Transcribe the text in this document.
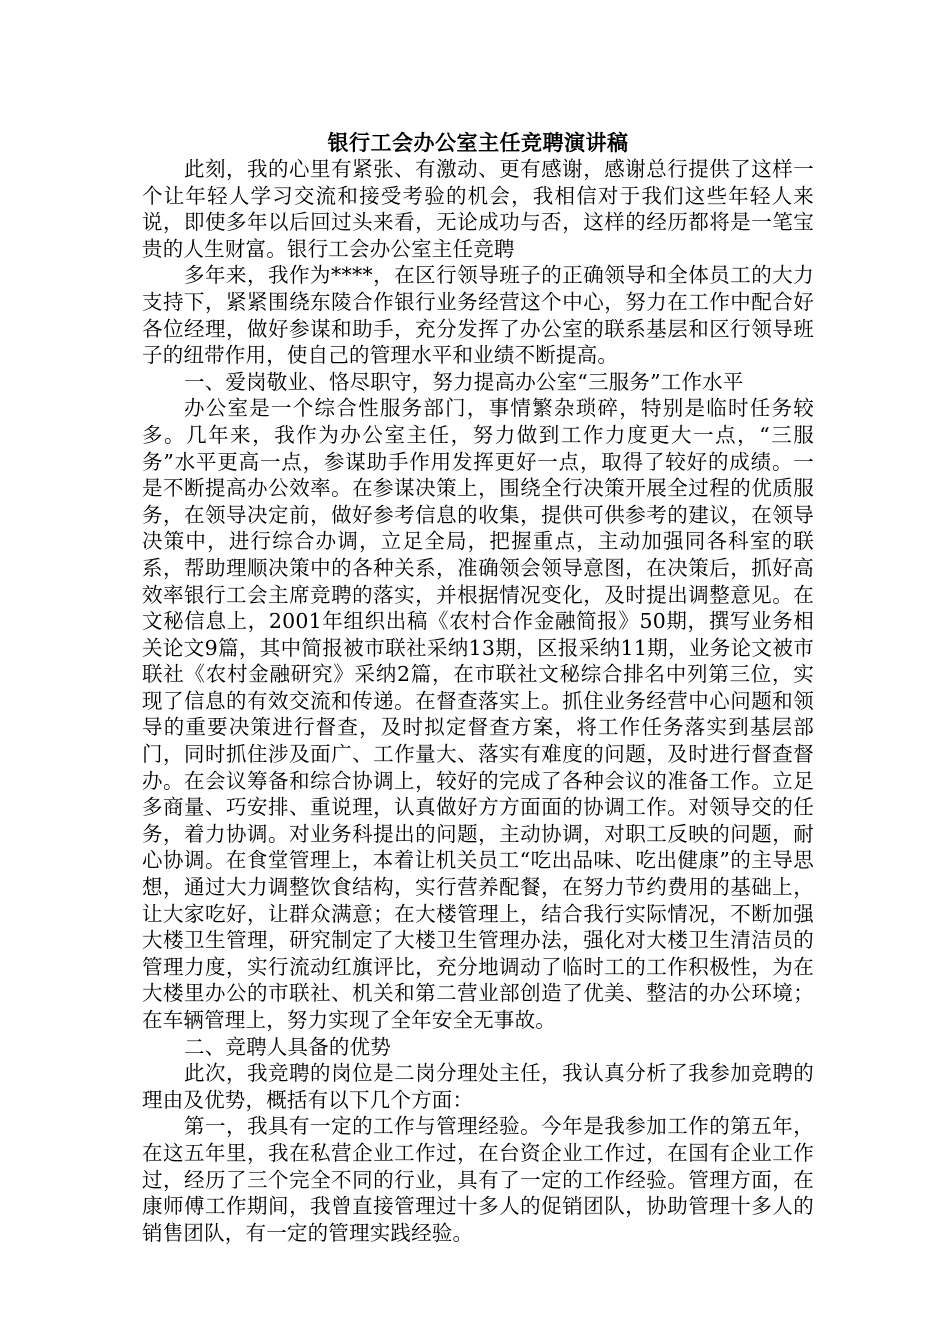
银行工会办公室主任竞聘演讲稿

此刻，我的心里有紧张、有激动、更有感谢，感谢总行提供了这样一个让年轻人学习交流和接受考验的机会，我相信对于我们这些年轻人来说，即使多年以后回过头来看，无论成功与否，这样的经历都将是一笔宝贵的人生财富。银行工会办公室主任竞聘

多年来，我作为****，在区行领导班子的正确领导和全体员工的大力支持下，紧紧围绕东陵合作银行业务经营这个中心，努力在工作中配合好各位经理，做好参谋和助手，充分发挥了办公室的联系基层和区行领导班子的纽带作用，使自己的管理水平和业绩不断提高。

一、爱岗敬业、恪尽职守，努力提高办公室“三服务”工作水平

办公室是一个综合性服务部门，事情繁杂琐碎，特别是临时任务较多。几年来，我作为办公室主任，努力做到工作力度更大一点，“三服务”水平更高一点，参谋助手作用发挥更好一点，取得了较好的成绩。一是不断提高办公效率。在参谋决策上，围绕全行决策开展全过程的优质服务，在领导决定前，做好参考信息的收集，提供可供参考的建议，在领导决策中，进行综合办调，立足全局，把握重点，主动加强同各科室的联系，帮助理顺决策中的各种关系，准确领会领导意图，在决策后，抓好高效率银行工会主席竞聘的落实，并根据情况变化，及时提出调整意见。在文秘信息上，2001年组织出稿《农村合作金融简报》50期，撰写业务相关论文9篇，其中简报被市联社采纳13期，区报采纳11期，业务论文被市联社《农村金融研究》采纳2篇，在市联社文秘综合排名中列第三位，实现了信息的有效交流和传递。在督查落实上。抓住业务经营中心问题和领导的重要决策进行督查，及时拟定督查方案，将工作任务落实到基层部门，同时抓住涉及面广、工作量大、落实有难度的问题，及时进行督查督办。在会议筹备和综合协调上，较好的完成了各种会议的准备工作。立足多商量、巧安排、重说理，认真做好方方面面的协调工作。对领导交的任务，着力协调。对业务科提出的问题，主动协调，对职工反映的问题，耐心协调。在食堂管理上，本着让机关员工“吃出品味、吃出健康”的主导思想，通过大力调整饮食结构，实行营养配餐，在努力节约费用的基础上，让大家吃好，让群众满意；在大楼管理上，结合我行实际情况，不断加强大楼卫生管理，研究制定了大楼卫生管理办法，强化对大楼卫生清洁员的管理力度，实行流动红旗评比，充分地调动了临时工的工作积极性，为在大楼里办公的市联社、机关和第二营业部创造了优美、整洁的办公环境；在车辆管理上，努力实现了全年安全无事故。

二、竞聘人具备的优势

此次，我竞聘的岗位是二岗分理处主任，我认真分析了我参加竞聘的理由及优势，概括有以下几个方面：

第一，我具有一定的工作与管理经验。今年是我参加工作的第五年，在这五年里，我在私营企业工作过，在台资企业工作过，在国有企业工作过，经历了三个完全不同的行业，具有了一定的工作经验。管理方面，在康师傅工作期间，我曾直接管理过十多人的促销团队，协助管理十多人的销售团队，有一定的管理实践经验。
